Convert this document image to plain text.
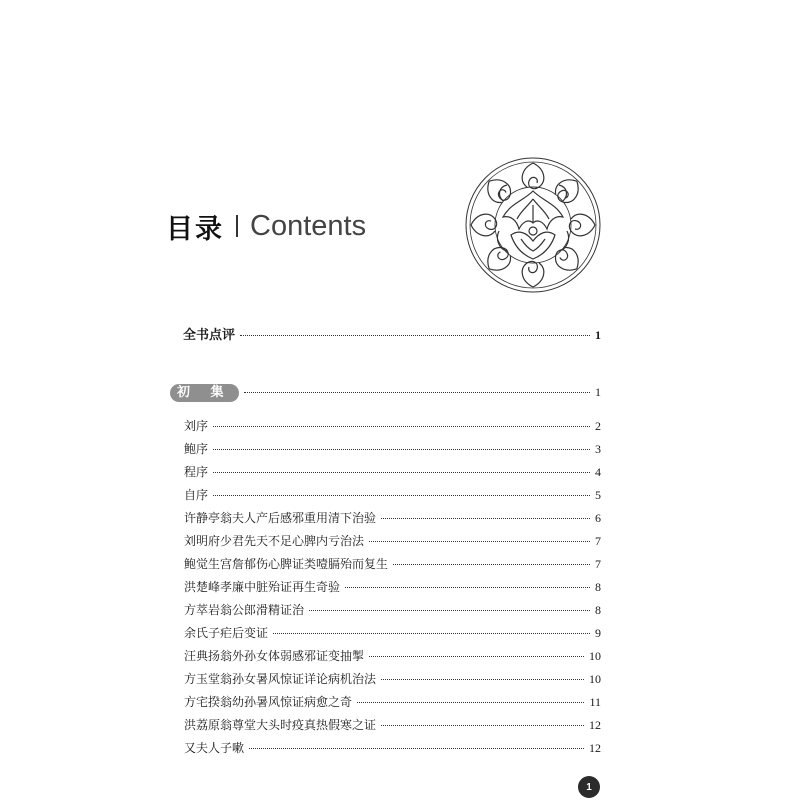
目录 Contents
全书点评	1
初 集	1
刘序	2
鲍序	3
程序	4
自序	5
许静亭翁夫人产后感邪重用清下治验	6
刘明府少君先天不足心脾内亏治法	7
鲍觉生宫詹郁伤心脾证类噎膈殆而复生	7
洪楚峰孝廉中脏殆证再生奇验	8
方萃岩翁公郎滑精证治	8
余氏子疟后变证	9
汪典扬翁外孙女体弱感邪证变抽掣	10
方玉堂翁孙女暑风惊证详论病机治法	10
方宅揆翁幼孙暑风惊证病愈之奇	11
洪荔原翁尊堂大头时疫真热假寒之证	12
又夫人子嗽	12
1
